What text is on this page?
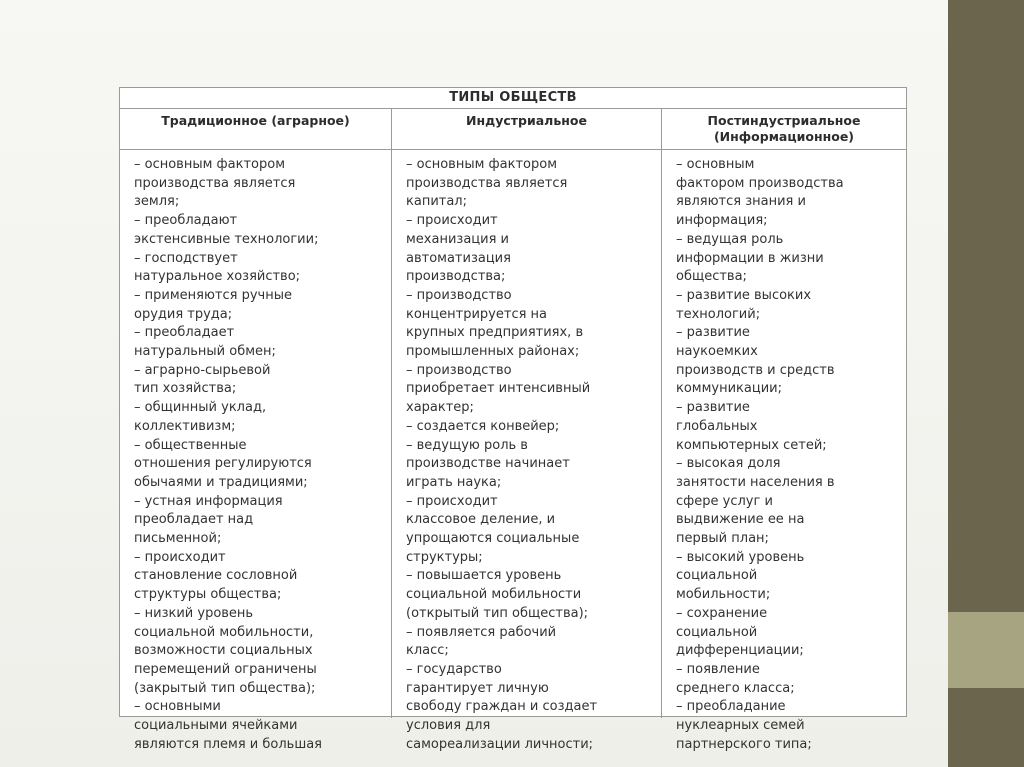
ТИПЫ ОБЩЕСТВ
Традиционное (аграрное)	Индустриальное	Постиндустриальное (Информационное)
– основным фактором
производства является
земля;
– преобладают
экстенсивные технологии;
– господствует
натуральное хозяйство;
– применяются ручные
орудия труда;
– преобладает
натуральный обмен;
– аграрно-сырьевой
тип хозяйства;
– общинный уклад,
коллективизм;
– общественные
отношения регулируются
обычаями и традициями;
– устная информация
преобладает над
письменной;
– происходит
становление сословной
структуры общества;
– низкий уровень
социальной мобильности,
возможности социальных
перемещений ограничены
(закрытый тип общества);
– основными
социальными ячейками
являются племя и большая
– основным фактором
производства является
капитал;
– происходит
механизация и
автоматизация
производства;
– производство
концентрируется на
крупных предприятиях, в
промышленных районах;
– производство
приобретает интенсивный
характер;
– создается конвейер;
– ведущую роль в
производстве начинает
играть наука;
– происходит
классовое деление, и
упрощаются социальные
структуры;
– повышается уровень
социальной мобильности
(открытый тип общества);
– появляется рабочий
класс;
– государство
гарантирует личную
свободу граждан и создает
условия для
самореализации личности;
– основным
фактором производства
являются знания и
информация;
– ведущая роль
информации в жизни
общества;
– развитие высоких
технологий;
– развитие
наукоемких
производств и средств
коммуникации;
– развитие
глобальных
компьютерных сетей;
– высокая доля
занятости населения в
сфере услуг и
выдвижение ее на
первый план;
– высокий уровень
социальной
мобильности;
– сохранение
социальной
дифференциации;
– появление
среднего класса;
– преобладание
нуклеарных семей
партнерского типа;
